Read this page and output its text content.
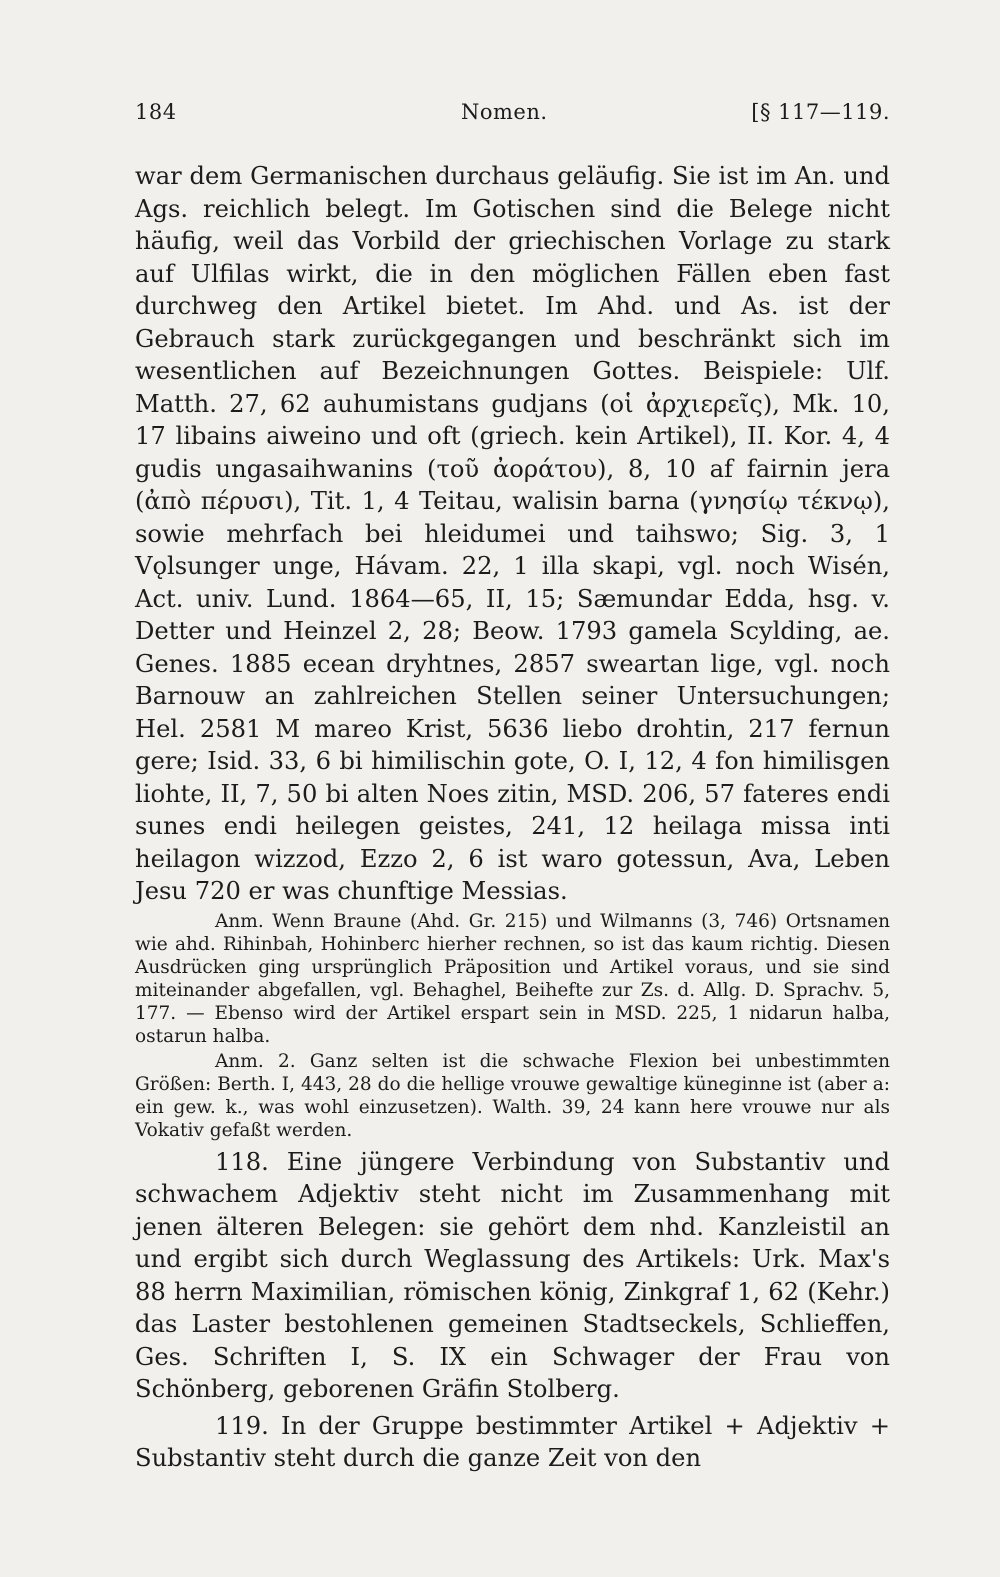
184	Nomen.	[§ 117—119.

war dem Germanischen durchaus geläufig. Sie ist im An. und Ags. reichlich belegt. Im Gotischen sind die Belege nicht häufig, weil das Vorbild der griechischen Vorlage zu stark auf Ulfilas wirkt, die in den möglichen Fällen eben fast durchweg den Artikel bietet. Im Ahd. und As. ist der Gebrauch stark zurückgegangen und beschränkt sich im wesentlichen auf Bezeichnungen Gottes. Beispiele: Ulf. Matth. 27, 62 auhumistans gudjans (οἱ ἀρχιερεῖς), Mk. 10, 17 libains aiweino und oft (griech. kein Artikel), II. Kor. 4, 4 gudis ungasaihwanins (τοῦ ἀοράτου), 8, 10 af fairnin jera (ἀπὸ πέρυσι), Tit. 1, 4 Teitau, walisin barna (γνησίῳ τέκνῳ), sowie mehrfach bei hleidumei und taihswo; Sig. 3, 1 Vǫlsunger unge, Hávam. 22, 1 illa skapi, vgl. noch Wisén, Act. univ. Lund. 1864—65, II, 15; Sæmundar Edda, hsg. v. Detter und Heinzel 2, 28; Beow. 1793 gamela Scylding, ae. Genes. 1885 ecean dryhtnes, 2857 sweartan lige, vgl. noch Barnouw an zahlreichen Stellen seiner Untersuchungen; Hel. 2581 M mareo Krist, 5636 liebo drohtin, 217 fernun gere; Isid. 33, 6 bi himilischin gote, O. I, 12, 4 fon himilisgen liohte, II, 7, 50 bi alten Noes zitin, MSD. 206, 57 fateres endi sunes endi heilegen geistes, 241, 12 heilaga missa inti heilagon wizzod, Ezzo 2, 6 ist waro gotessun, Ava, Leben Jesu 720 er was chunftige Messias.

Anm. Wenn Braune (Ahd. Gr. 215) und Wilmanns (3, 746) Ortsnamen wie ahd. Rihinbah, Hohinberc hierher rechnen, so ist das kaum richtig. Diesen Ausdrücken ging ursprünglich Präposition und Artikel voraus, und sie sind miteinander abgefallen, vgl. Behaghel, Beihefte zur Zs. d. Allg. D. Sprachv. 5, 177. — Ebenso wird der Artikel erspart sein in MSD. 225, 1 nidarun halba, ostarun halba.

Anm. 2. Ganz selten ist die schwache Flexion bei unbestimmten Größen: Berth. I, 443, 28 do die hellige vrouwe gewaltige küneginne ist (aber a: ein gew. k., was wohl einzusetzen). Walth. 39, 24 kann here vrouwe nur als Vokativ gefaßt werden.

118. Eine jüngere Verbindung von Substantiv und schwachem Adjektiv steht nicht im Zusammenhang mit jenen älteren Belegen: sie gehört dem nhd. Kanzleistil an und ergibt sich durch Weglassung des Artikels: Urk. Max's 88 herrn Maximilian, römischen könig, Zinkgraf 1, 62 (Kehr.) das Laster bestohlenen gemeinen Stadtseckels, Schlieffen, Ges. Schriften I, S. IX ein Schwager der Frau von Schönberg, geborenen Gräfin Stolberg.

119. In der Gruppe bestimmter Artikel + Adjektiv + Substantiv steht durch die ganze Zeit von den
